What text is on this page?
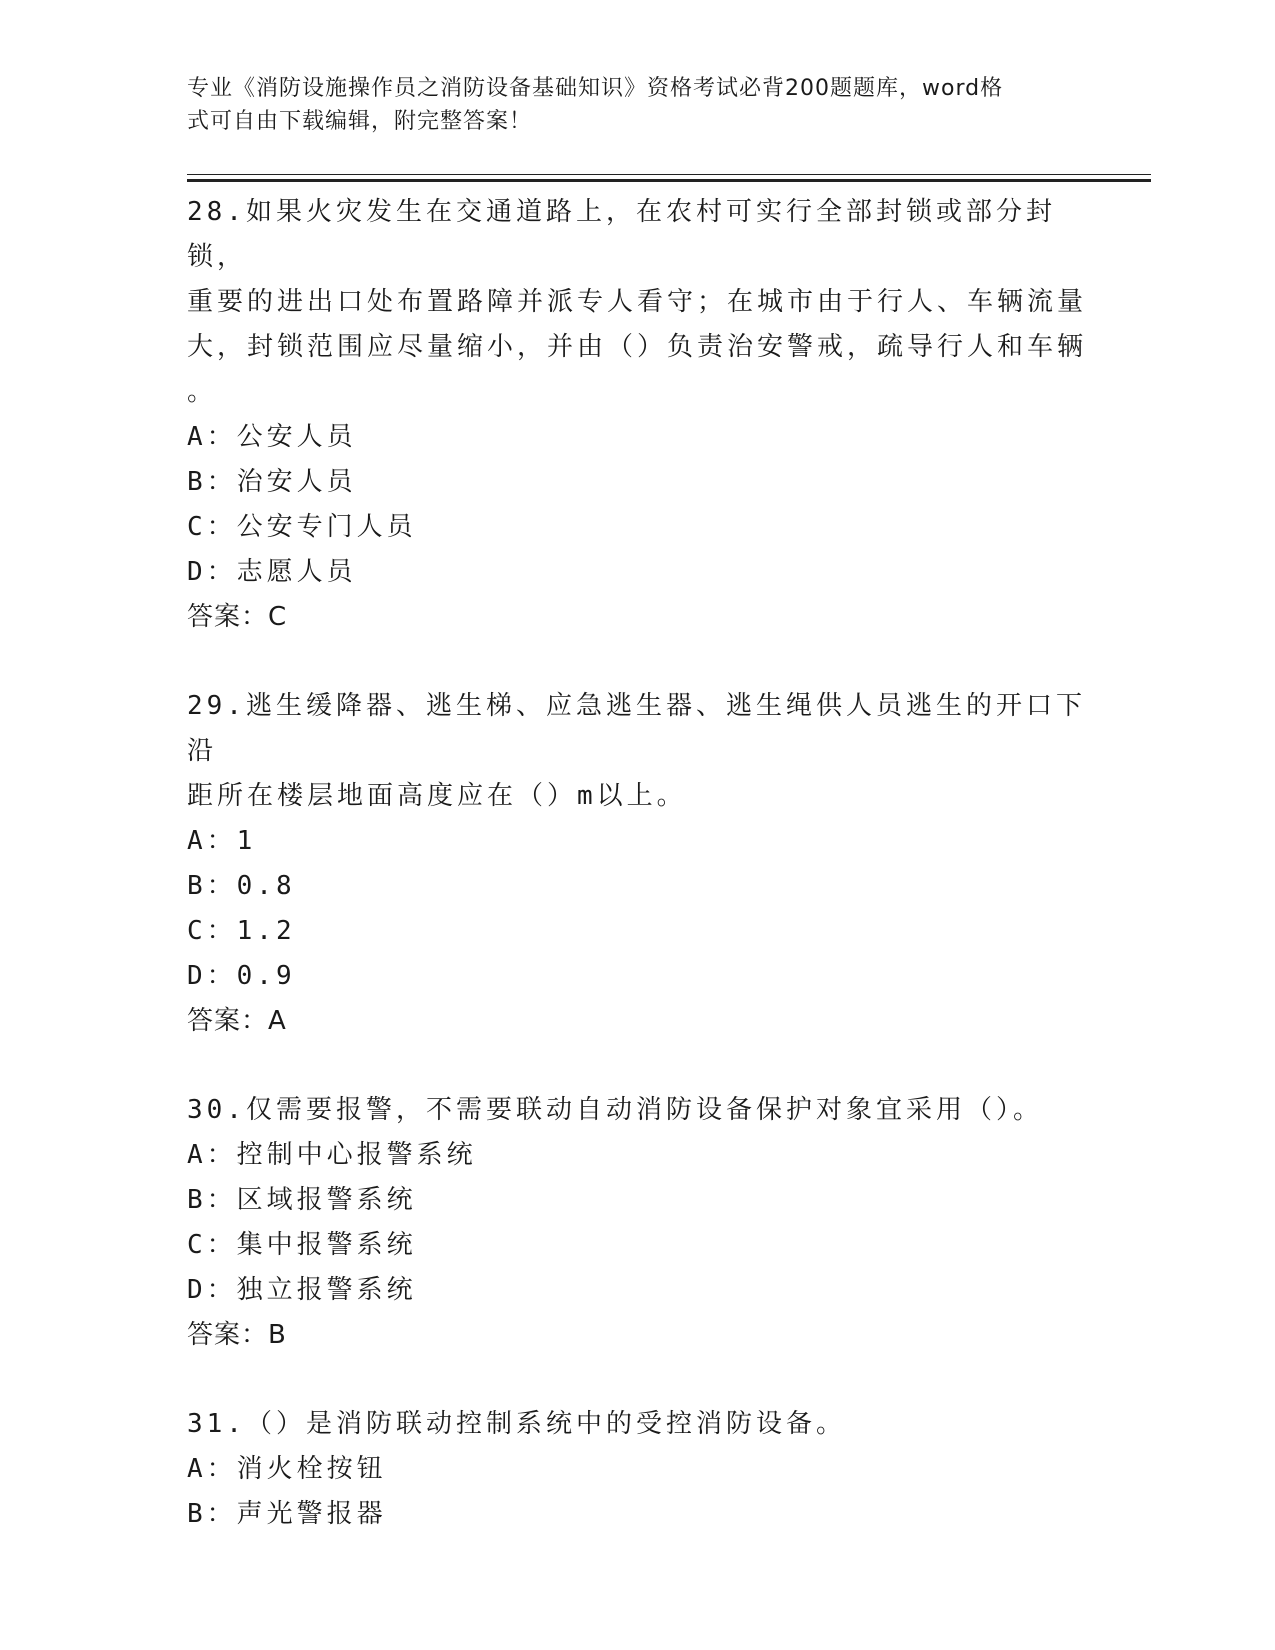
专业《消防设施操作员之消防设备基础知识》资格考试必背200题题库，word格
式可自由下载编辑，附完整答案！
28.如果火灾发生在交通道路上，在农村可实行全部封锁或部分封锁，
重要的进出口处布置路障并派专人看守；在城市由于行人、车辆流量
大，封锁范围应尽量缩小，并由（）负责治安警戒，疏导行人和车辆
。
A：公安人员
B：治安人员
C：公安专门人员
D：志愿人员
答案：C
29.逃生缓降器、逃生梯、应急逃生器、逃生绳供人员逃生的开口下沿
距所在楼层地面高度应在（）m以上。
A：1
B：0.8
C：1.2
D：0.9
答案：A
30.仅需要报警，不需要联动自动消防设备保护对象宜采用（）。
A：控制中心报警系统
B：区域报警系统
C：集中报警系统
D：独立报警系统
答案：B
31.（）是消防联动控制系统中的受控消防设备。
A：消火栓按钮
B：声光警报器
